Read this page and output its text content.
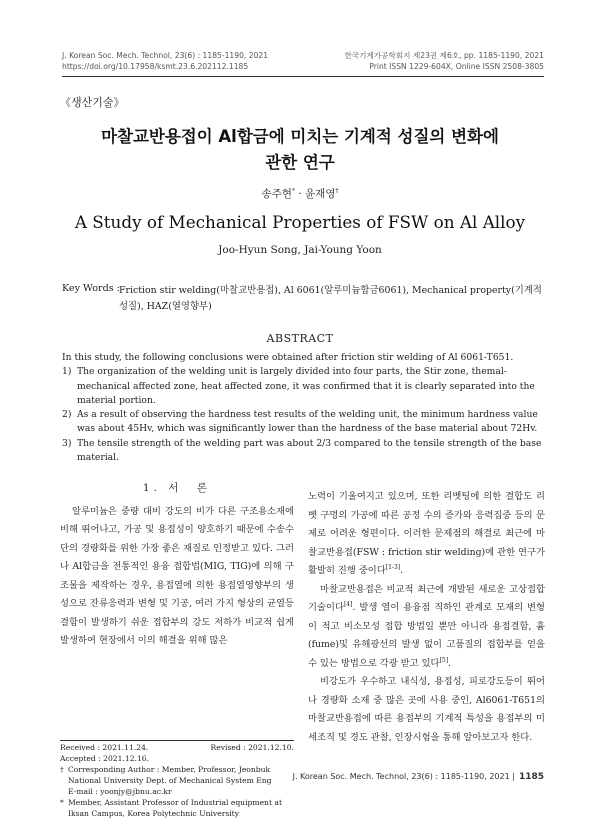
J. Korean Soc. Mech. Technol, 23(6) : 1185-1190, 2021
https://doi.org/10.17958/ksmt.23.6.202112.1185
한국기계가공학회지 제23권 제6호, pp. 1185-1190, 2021
Print ISSN 1229-604X, Online ISSN 2508-3805
《생산기술》
마찰교반용접이 Al합금에 미치는 기계적 성질의 변화에
관한 연구
송주현* · 윤재영†
A Study of Mechanical Properties of FSW on Al Alloy
Joo-Hyun Song, Jai-Young Yoon
Key Words : Friction stir welding(마찰교반용접), Al 6061(알루미늄합금6061), Mechanical property(기계적 성질), HAZ(열영향부)
ABSTRACT

In this study, the following conclusions were obtained after friction stir welding of Al 6061-T651.

1) The organization of the welding unit is largely divided into four parts, the Stir zone, themal-mechanical affected zone, heat affected zone, it was confirmed that it is clearly separated into the material portion.
2) As a result of observing the hardness test results of the welding unit, the minimum hardness value was about 45Hv, which was significantly lower than the hardness of the base material about 72Hv.
3) The tensile strength of the welding part was about 2/3 compared to the tensile strength of the base material.
1. 서　론

알루미늄은 중량 대비 강도의 비가 다른 구조용소재에 비해 뛰어나고, 가공 및 용접성이 양호하기 때문에 수송수단의 경량화를 위한 가장 좋은 재질로 인정받고 있다. 그러나 Al합금을 전통적인 용융 접합법(MIG, TIG)에 의해 구조물을 제작하는 경우, 용접열에 의한 용접열영향부의 생성으로 잔류응력과 변형 및 기공, 여러 가지 형상의 균열등 결함이 발생하기 쉬운 접합부의 강도 저하가 비교적 쉽게 발생하여 현장에서 이의 해결을 위해 많은

노력이 기울여지고 있으며, 또한 리벳팅에 의한 결합도 리벳 구멍의 가공에 따른 공정 수의 증가와 응력집중 등의 문제로 어려운 형편이다. 이러한 문제점의 해결로 최근에 마찰교반용접(FSW : friction stir welding)에 관한 연구가 활발히 진행 중이다[1-3].

마찰교반용접은 비교적 최근에 개발된 새로운 고상접합기술이다[4]. 발생 열이 용융점 직하인 관계로 모재의 변형이 적고 비소모성 접합 방법일 뿐만 아니라 용접결함, 흄(fume)및 유해광선의 발생 없이 고품질의 접합부를 얻을 수 있는 방법으로 각광 받고 있다[5].

비강도가 우수하고 내식성, 용접성, 피로강도등이 뛰어나 경량화 소재 중 많은 곳에 사용 중인, Al6061-T651의 마찰교반용접에 따른 용접부의 기계적 특성을 용접부의 미세조직 및 경도 관찰, 인장시험을 통해 알아보고자 한다.

Received : 2021.11.24.	Revised : 2021.12.10.
Accepted : 2021.12.16.
† Corresponding Author : Member, Professor, Jeonbuk National University Dept. of Mechanical System Eng
E-mail : yoonjy@jbnu.ac.kr
* Member, Assistant Professor of Industrial equipment at Iksan Campus, Korea Polytechnic University
J. Korean Soc. Mech. Technol, 23(6) : 1185-1190, 2021 | 1185
